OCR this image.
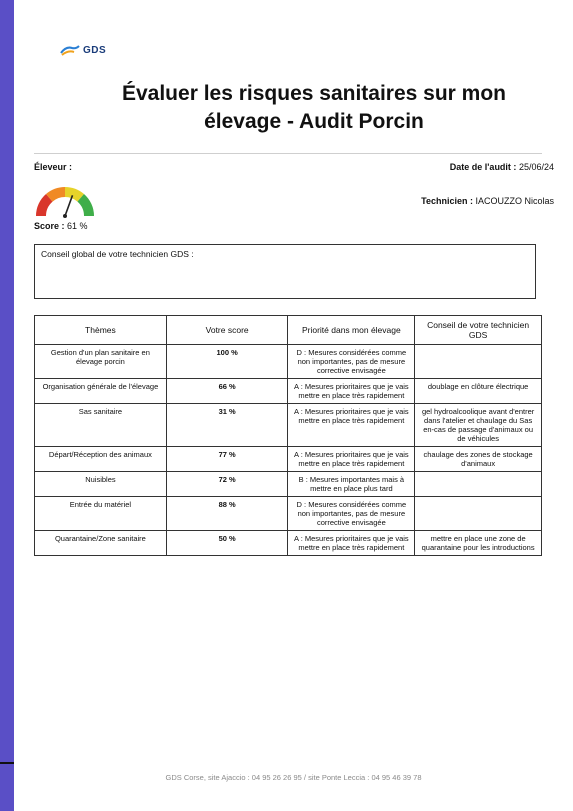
GDS
Évaluer les risques sanitaires sur mon
élevage - Audit Porcin
Éleveur :	Date de l'audit : 25/06/24
Technicien : IACOUZZO Nicolas
Score : 61 %
Conseil global de votre technicien GDS :
Thèmes	Votre score	Priorité dans mon élevage	Conseil de votre technicien GDS
Gestion d'un plan sanitaire en élevage porcin	100 %	D : Mesures considérées comme non importantes, pas de mesure corrective envisagée	
Organisation générale de l'élevage	66 %	A : Mesures prioritaires que je vais mettre en place très rapidement	doublage en clôture électrique
Sas sanitaire	31 %	A : Mesures prioritaires que je vais mettre en place très rapidement	gel hydroalcoolique avant d'entrer dans l'atelier et chaulage du Sas en-cas de passage d'animaux ou de véhicules
Départ/Réception des animaux	77 %	A : Mesures prioritaires que je vais mettre en place très rapidement	chaulage des zones de stockage d'animaux
Nuisibles	72 %	B : Mesures importantes mais à mettre en place plus tard	
Entrée du matériel	88 %	D : Mesures considérées comme non importantes, pas de mesure corrective envisagée	
Quarantaine/Zone sanitaire	50 %	A : Mesures prioritaires que je vais mettre en place très rapidement	mettre en place une zone de quarantaine pour les introductions
GDS Corse, site Ajaccio : 04 95 26 26 95 / site Ponte Leccia : 04 95 46 39 78
